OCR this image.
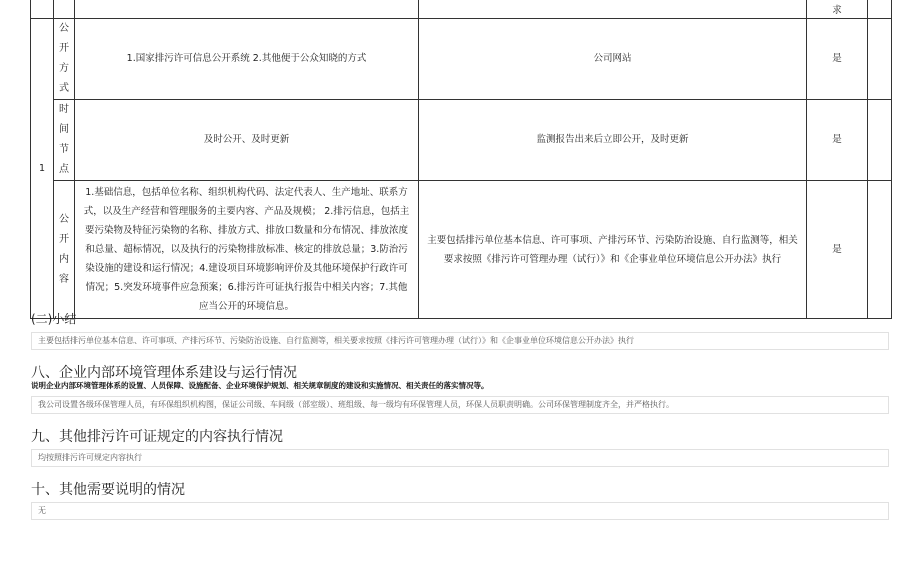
				求	
1	公开方式	1.国家排污许可信息公开系统 2.其他便于公众知晓的方式	公司网站	是	

	时间节点	及时公开、及时更新	监测报告出来后立即公开，及时更新	是	

	公开内容	1.基础信息，包括单位名称、组织机构代码、法定代表人、生产地址、联系方式，以及生产经营和管理服务的主要内容、产品及规模； 2.排污信息，包括主要污染物及特征污染物的名称、排放方式、排放口数量和分布情况、排放浓度和总量、超标情况，以及执行的污染物排放标准、核定的排放总量；3.防治污染设施的建设和运行情况；4.建设项目环境影响评价及其他环境保护行政许可情况；5.突发环境事件应急预案；6.排污许可证执行报告中相关内容；7.其他应当公开的环境信息。	主要包括排污单位基本信息、许可事项、产排污环节、污染防治设施、自行监测等，相关要求按照《排污许可管理办理（试行）》和《企事业单位环境信息公开办法》执行	是	
(二)小结
主要包括排污单位基本信息、许可事项、产排污环节、污染防治设施、自行监测等，相关要求按照《排污许可管理办理（试行）》和《企事业单位环境信息公开办法》执行
八、企业内部环境管理体系建设与运行情况
说明企业内部环境管理体系的设置、人员保障、设施配备、企业环境保护规划、相关规章制度的建设和实施情况、相关责任的落实情况等。
我公司设置各级环保管理人员，有环保组织机构图，保证公司级、车间级（部室级）、班组级、每一级均有环保管理人员，环保人员职责明确。公司环保管理制度齐全，并严格执行。
九、其他排污许可证规定的内容执行情况
均按照排污许可规定内容执行
十、其他需要说明的情况
无
